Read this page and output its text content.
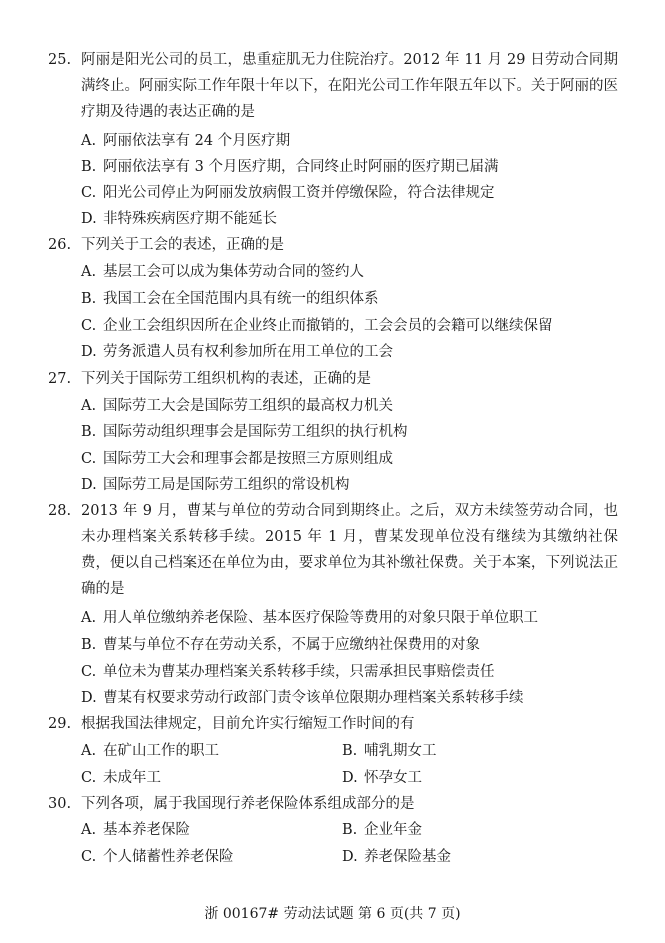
25. 阿丽是阳光公司的员工，患重症肌无力住院治疗。2012 年 11 月 29 日劳动合同期满终止。阿丽实际工作年限十年以下，在阳光公司工作年限五年以下。关于阿丽的医疗期及待遇的表达正确的是
A. 阿丽依法享有 24 个月医疗期
B. 阿丽依法享有 3 个月医疗期，合同终止时阿丽的医疗期已届满
C. 阳光公司停止为阿丽发放病假工资并停缴保险，符合法律规定
D. 非特殊疾病医疗期不能延长
26. 下列关于工会的表述，正确的是
A. 基层工会可以成为集体劳动合同的签约人
B. 我国工会在全国范围内具有统一的组织体系
C. 企业工会组织因所在企业终止而撤销的，工会会员的会籍可以继续保留
D. 劳务派遣人员有权利参加所在用工单位的工会
27. 下列关于国际劳工组织机构的表述，正确的是
A. 国际劳工大会是国际劳工组织的最高权力机关
B. 国际劳动组织理事会是国际劳工组织的执行机构
C. 国际劳工大会和理事会都是按照三方原则组成
D. 国际劳工局是国际劳工组织的常设机构
28. 2013 年 9 月，曹某与单位的劳动合同到期终止。之后，双方未续签劳动合同，也未办理档案关系转移手续。2015 年 1 月，曹某发现单位没有继续为其缴纳社保费，便以自己档案还在单位为由，要求单位为其补缴社保费。关于本案，下列说法正确的是
A. 用人单位缴纳养老保险、基本医疗保险等费用的对象只限于单位职工
B. 曹某与单位不存在劳动关系，不属于应缴纳社保费用的对象
C. 单位未为曹某办理档案关系转移手续，只需承担民事赔偿责任
D. 曹某有权要求劳动行政部门责令该单位限期办理档案关系转移手续
29. 根据我国法律规定，目前允许实行缩短工作时间的有
A. 在矿山工作的职工	B. 哺乳期女工
C. 未成年工	D. 怀孕女工
30. 下列各项，属于我国现行养老保险体系组成部分的是
A. 基本养老保险	B. 企业年金
C. 个人储蓄性养老保险	D. 养老保险基金
浙 00167# 劳动法试题 第 6 页(共 7 页)
